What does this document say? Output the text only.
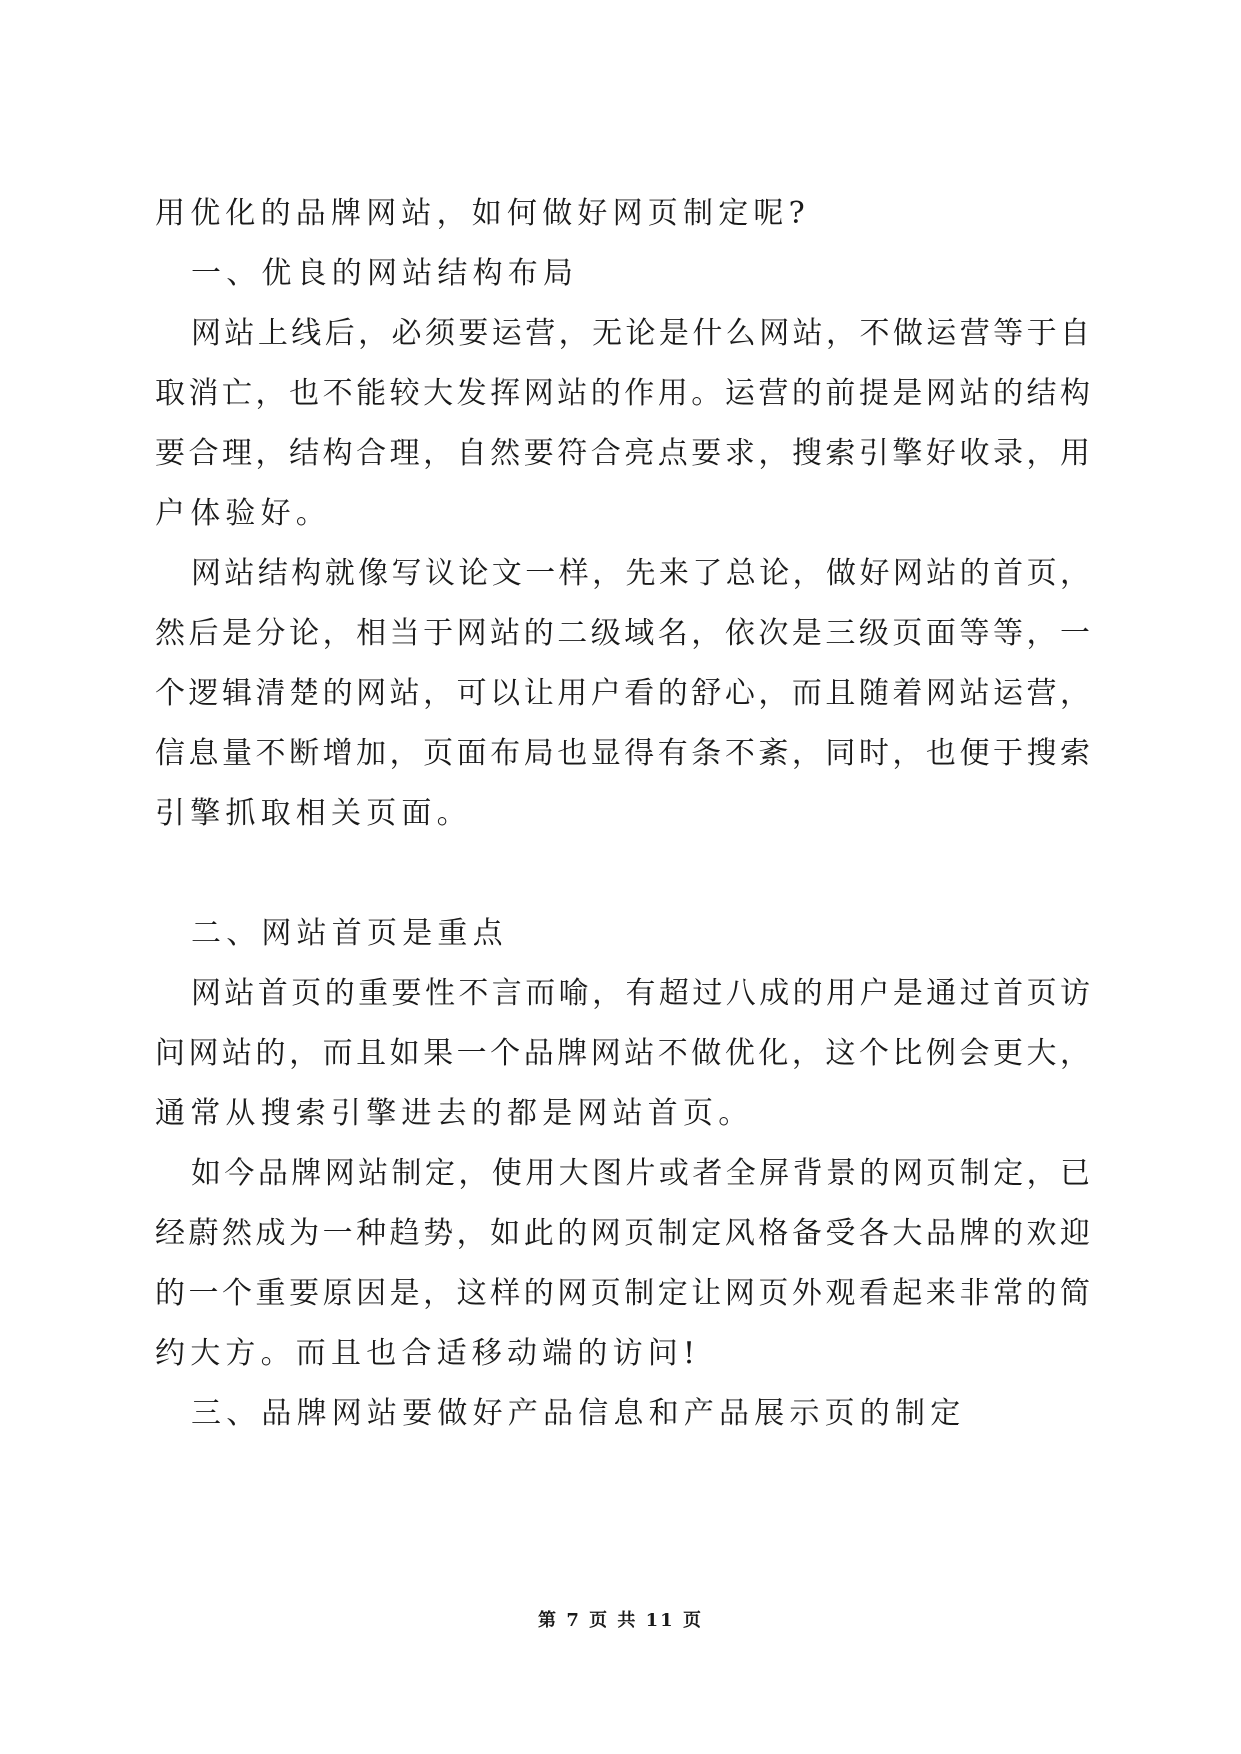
用优化的品牌网站，如何做好网页制定呢?
一、优良的网站结构布局
网站上线后，必须要运营，无论是什么网站，不做运营等于自
取消亡，也不能较大发挥网站的作用。运营的前提是网站的结构
要合理，结构合理，自然要符合亮点要求，搜索引擎好收录，用
户体验好。
网站结构就像写议论文一样，先来了总论，做好网站的首页，
然后是分论，相当于网站的二级域名，依次是三级页面等等，一
个逻辑清楚的网站，可以让用户看的舒心，而且随着网站运营，
信息量不断增加，页面布局也显得有条不紊，同时，也便于搜索
引擎抓取相关页面。
二、网站首页是重点
网站首页的重要性不言而喻，有超过八成的用户是通过首页访
问网站的，而且如果一个品牌网站不做优化，这个比例会更大，
通常从搜索引擎进去的都是网站首页。
如今品牌网站制定，使用大图片或者全屏背景的网页制定，已
经蔚然成为一种趋势，如此的网页制定风格备受各大品牌的欢迎
的一个重要原因是，这样的网页制定让网页外观看起来非常的简
约大方。而且也合适移动端的访问!
三、品牌网站要做好产品信息和产品展示页的制定
第 7 页 共 11 页
